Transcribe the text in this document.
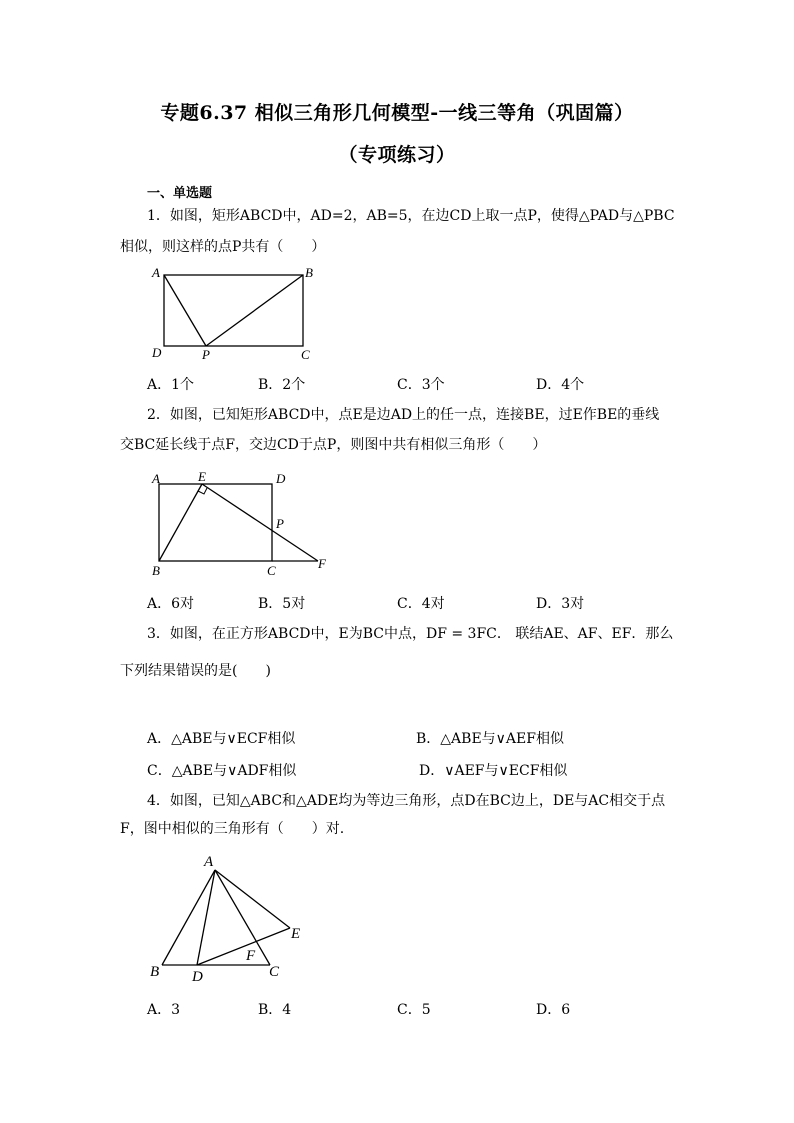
专题6.37 相似三角形几何模型-一线三等角（巩固篇）
（专项练习）
一、单选题
1．如图，矩形ABCD中，AD=2，AB=5，在边CD上取一点P，使得△PAD与△PBC
相似，则这样的点P共有（　　）
A	B
D	P	C
A．1个	B．2个	C．3个	D．4个
2．如图，已知矩形ABCD中，点E是边AD上的任一点，连接BE，过E作BE的垂线
交BC延长线于点F，交边CD于点P，则图中共有相似三角形（　　）
A	E	D
P
B	C	F
A．6对	B．5对	C．4对	D．3对
3．如图，在正方形ABCD中，E为BC中点，DF = 3FC． 联结AE、AF、EF．那么
下列结果错误的是(　　)
A．△ABE与∨ECF相似	B．△ABE与∨AEF相似
C．△ABE与∨ADF相似	D．∨AEF与∨ECF相似
4．如图，已知△ABC和△ADE均为等边三角形，点D在BC边上，DE与AC相交于点
F，图中相似的三角形有（　　）对.
A
E
F
B D	C
A．3	B．4	C．5	D．6
